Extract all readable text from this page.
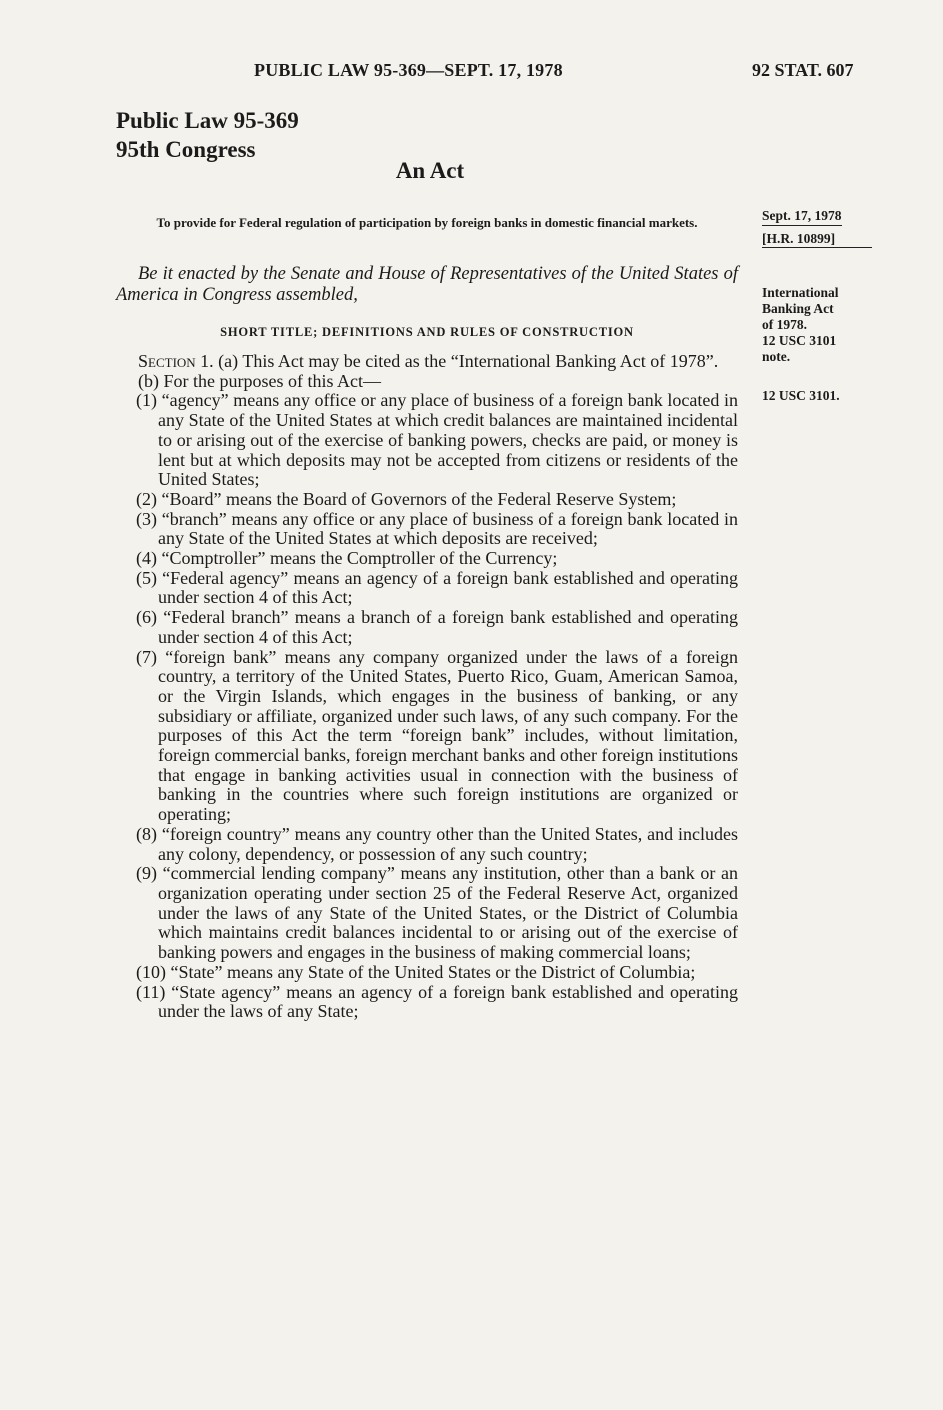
PUBLIC LAW 95-369—SEPT. 17, 1978	92 STAT. 607
Public Law 95-369
95th Congress
An Act
To provide for Federal regulation of participation by foreign banks in domestic financial markets.
Be it enacted by the Senate and House of Representatives of the United States of America in Congress assembled,
SHORT TITLE; DEFINITIONS AND RULES OF CONSTRUCTION

Section 1. (a) This Act may be cited as the “International Banking Act of 1978”.

(b) For the purposes of this Act—

(1) “agency” means any office or any place of business of a foreign bank located in any State of the United States at which credit balances are maintained incidental to or arising out of the exercise of banking powers, checks are paid, or money is lent but at which deposits may not be accepted from citizens or residents of the United States;

(2) “Board” means the Board of Governors of the Federal Reserve System;

(3) “branch” means any office or any place of business of a foreign bank located in any State of the United States at which deposits are received;

(4) “Comptroller” means the Comptroller of the Currency;

(5) “Federal agency” means an agency of a foreign bank established and operating under section 4 of this Act;

(6) “Federal branch” means a branch of a foreign bank established and operating under section 4 of this Act;

(7) “foreign bank” means any company organized under the laws of a foreign country, a territory of the United States, Puerto Rico, Guam, American Samoa, or the Virgin Islands, which engages in the business of banking, or any subsidiary or affiliate, organized under such laws, of any such company. For the purposes of this Act the term “foreign bank” includes, without limitation, foreign commercial banks, foreign merchant banks and other foreign institutions that engage in banking activities usual in connection with the business of banking in the countries where such foreign institutions are organized or operating;

(8) “foreign country” means any country other than the United States, and includes any colony, dependency, or possession of any such country;

(9) “commercial lending company” means any institution, other than a bank or an organization operating under section 25 of the Federal Reserve Act, organized under the laws of any State of the United States, or the District of Columbia which maintains credit balances incidental to or arising out of the exercise of banking powers and engages in the business of making commercial loans;

(10) “State” means any State of the United States or the District of Columbia;

(11) “State agency” means an agency of a foreign bank established and operating under the laws of any State;

Sept. 17, 1978
[H.R. 10899]
International
Banking Act
of 1978.
12 USC 3101
note.
12 USC 3101.
